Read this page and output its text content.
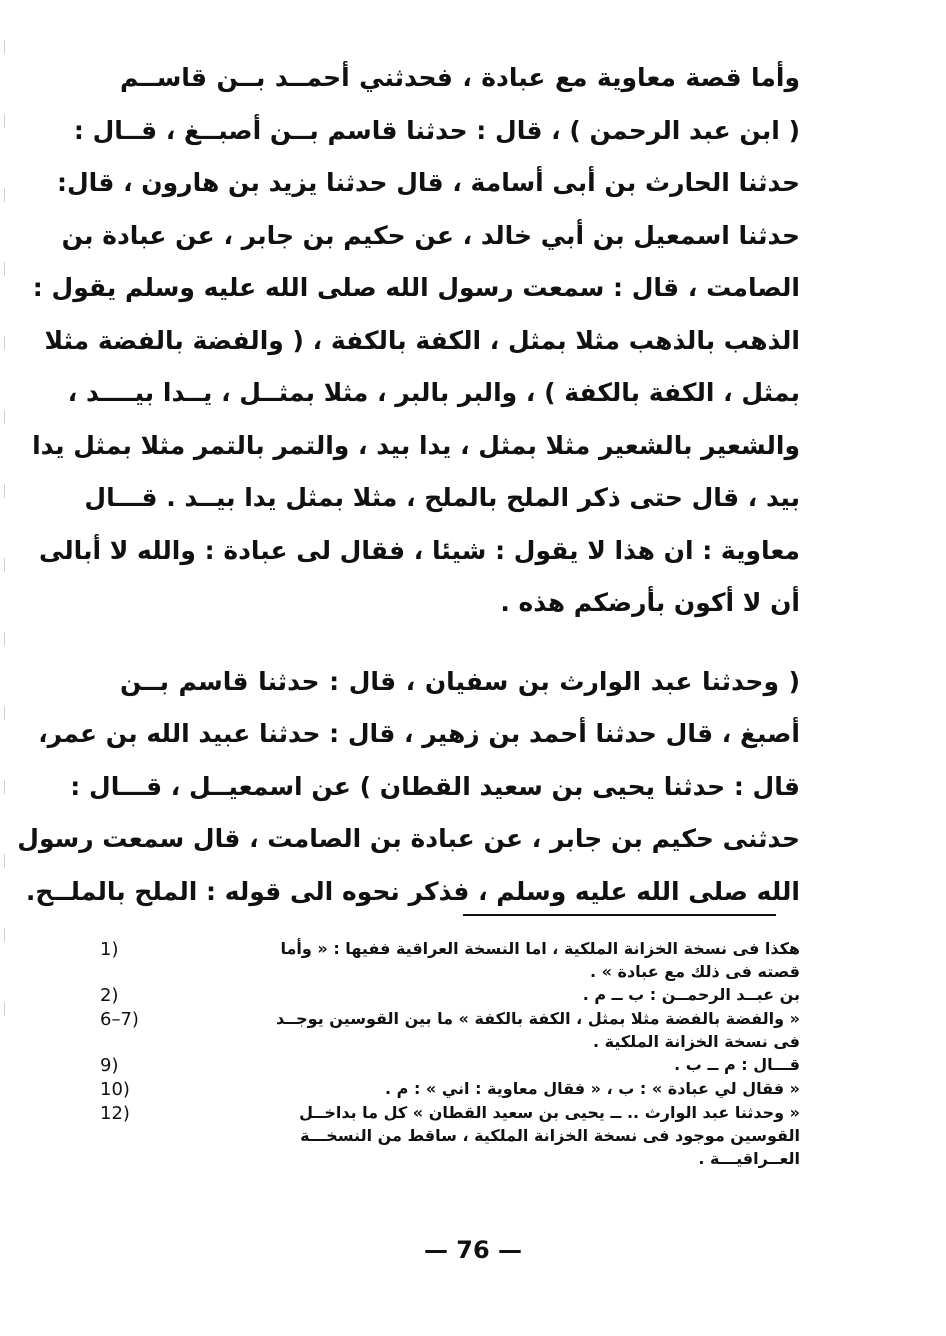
وأما قصة معاوية مع عبادة ، فحدثني أحمــد بــن قاســم
( ابن عبد الرحمن ) ، قال : حدثنا قاسم بــن أصبــغ ، قــال :
حدثنا الحارث بن أبى أسامة ، قال حدثنا يزيد بن هارون ، قال:
حدثنا اسمعيل بن أبي خالد ، عن حكيم بن جابر ، عن عبادة بن
الصامت ، قال : سمعت رسول الله صلى الله عليه وسلم يقول :
الذهب بالذهب مثلا بمثل ، الكفة بالكفة ، ( والفضة بالفضة مثلا
بمثل ، الكفة بالكفة ) ، والبر بالبر ، مثلا بمثــل ، يــدا بيــــد ،
والشعير بالشعير مثلا بمثل ، يدا بيد ، والتمر بالتمر مثلا بمثل يدا
بيد ، قال حتى ذكر الملح بالملح ، مثلا بمثل يدا بيــد . قـــال
معاوية : ان هذا لا يقول : شيئا ، فقال لى عبادة : والله لا أبالى
أن لا أكون بأرضكم هذه .
( وحدثنا عبد الوارث بن سفيان ، قال : حدثنا قاسم بــن
أصبغ ، قال حدثنا أحمد بن زهير ، قال : حدثنا عبيد الله بن عمر،
قال : حدثنا يحيى بن سعيد القطان ) عن اسمعيــل ، قـــال :
حدثنى حكيم بن جابر ، عن عبادة بن الصامت ، قال سمعت رسول
الله صلى الله عليه وسلم ، فذكر نحوه الى قوله : الملح بالملــح.
هكذا فى نسخة الخزانة الملكية ، اما النسخة العراقية ففيها : « وأما
قصته فى ذلك مع عبادة » .
1)
بن عبــد الرحمــن : ب ــ م .
2)
« والفضة بالفضة مثلا بمثل ، الكفة بالكفة » ما بين القوسين يوجــد
فى نسخة الخزانة الملكية .
6–7)
قـــال : م ــ ب .
9)
« فقال لي عبادة » : ب ، « فقال معاوية : اني » : م .
10)
« وحدثنا عبد الوارث .. ــ يحيى بن سعيد القطان » كل ما بداخــل
القوسين موجود فى نسخة الخزانة الملكية ، ساقط من النسخـــة
العــراقيـــة .
12)
— 76 —
